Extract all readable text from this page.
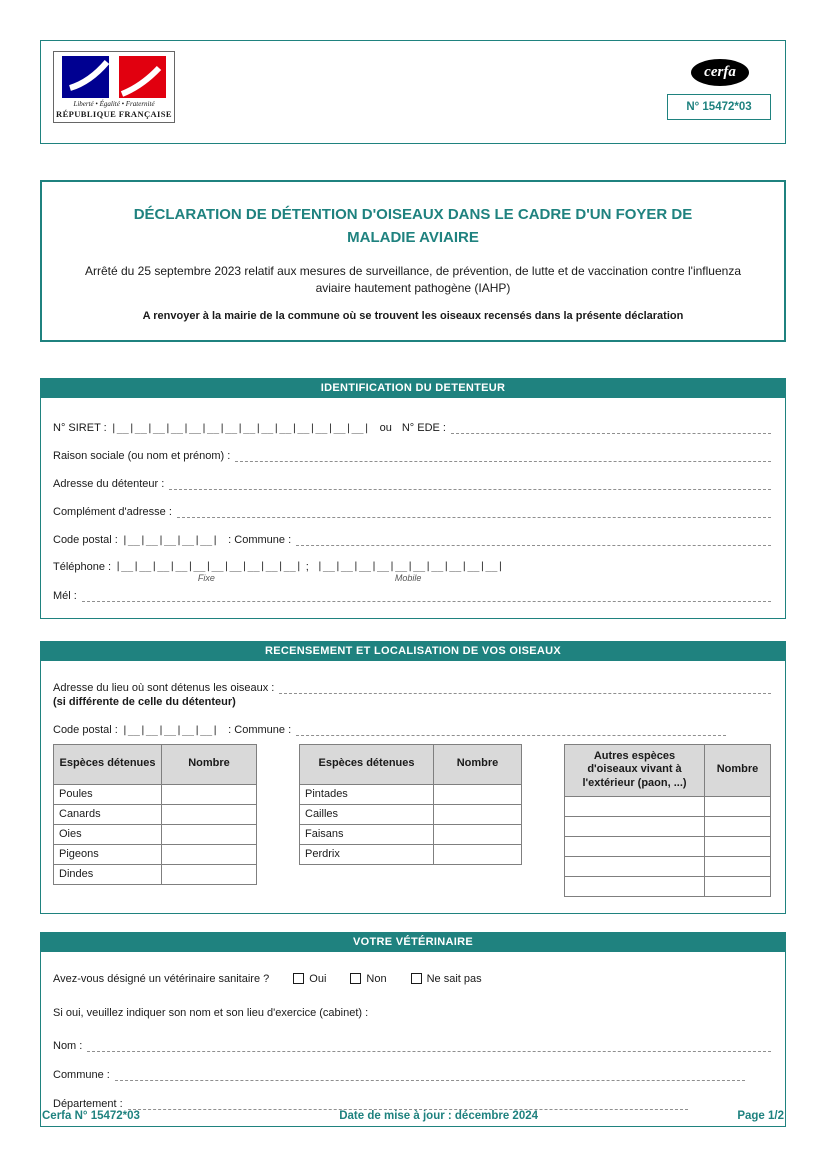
Liberté • Égalité • Fraternité
RÉPUBLIQUE FRANÇAISE
cerfa
N° 15472*03
DÉCLARATION DE DÉTENTION D'OISEAUX DANS LE CADRE D'UN FOYER DE MALADIE AVIAIRE
Arrêté du 25 septembre 2023 relatif aux mesures de surveillance, de prévention, de lutte et de vaccination contre l'influenza aviaire hautement pathogène (IAHP)
A renvoyer à la mairie de la commune où se trouvent les oiseaux recensés dans la présente déclaration
IDENTIFICATION DU DETENTEUR
N° SIRET : |__|__|__|__|__|__|__|__|__|__|__|__|__|__| ou N° EDE :
Raison sociale (ou nom et prénom) :
Adresse du détenteur :
Complément d'adresse :
Code postal : |__|__|__|__|__| : Commune :
Téléphone : |__|__|__|__|__|__|__|__|__|__|
Fixe
; |__|__|__|__|__|__|__|__|__|__|
Mobile
Mél :
RECENSEMENT ET LOCALISATION DE VOS OISEAUX
Adresse du lieu où sont détenus les oiseaux :
(si différente de celle du détenteur)
Code postal : |__|__|__|__|__| : Commune :
Espèces détenues	Nombre
Poules	
Canards	
Oies	
Pigeons	
Dindes	
Espèces détenues	Nombre
Pintades	
Cailles	
Faisans	
Perdrix	
Autres espèces d'oiseaux vivant à l'extérieur (paon, ...)	Nombre

VOTRE VÉTÉRINAIRE
Avez-vous désigné un vétérinaire sanitaire ?	Oui	Non	Ne sait pas
Si oui, veuillez indiquer son nom et son lieu d'exercice (cabinet) :
Nom :
Commune :
Département :
Cerfa N° 15472*03	Date de mise à jour : décembre 2024	Page 1/2
